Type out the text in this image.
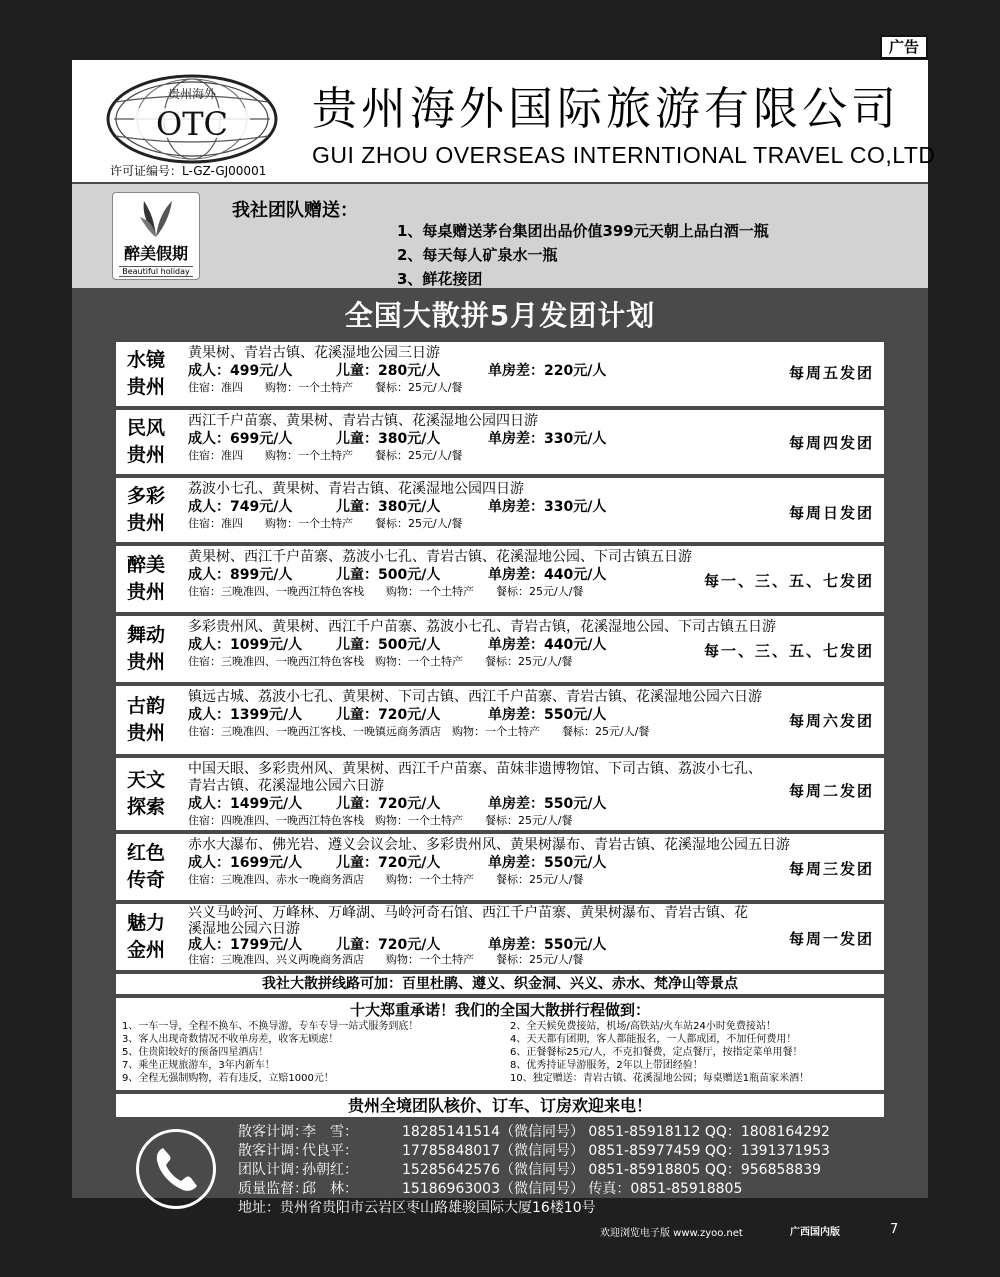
广告
OTC
贵州海外
许可证编号：L-GZ-GJ00001
贵州海外国际旅游有限公司
GUI ZHOU OVERSEAS INTERNTIONAL TRAVEL CO,LTD
醉美假期
Beautiful holiday
我社团队赠送：
1、每桌赠送茅台集团出品价值399元天朝上品白酒一瓶
2、每天每人矿泉水一瓶
3、鲜花接团
全国大散拼5月发团计划
水镜
贵州
黄果树、青岩古镇、花溪湿地公园三日游
成人：499元/人	儿童：280元/人	单房差：220元/人
住宿：准四　　购物：一个土特产　　餐标：25元/人/餐
每周五发团
民风
贵州
西江千户苗寨、黄果树、青岩古镇、花溪湿地公园四日游
成人：699元/人	儿童：380元/人	单房差：330元/人
住宿：准四　　购物：一个土特产　　餐标：25元/人/餐
每周四发团
多彩
贵州
荔波小七孔、黄果树、青岩古镇、花溪湿地公园四日游
成人：749元/人	儿童：380元/人	单房差：330元/人
住宿：准四　　购物：一个土特产　　餐标：25元/人/餐
每周日发团
醉美
贵州
黄果树、西江千户苗寨、荔波小七孔、青岩古镇、花溪湿地公园、下司古镇五日游
成人：899元/人	儿童：500元/人	单房差：440元/人
住宿：三晚准四、一晚西江特色客栈　　购物：一个土特产　　餐标：25元/人/餐
每一、三、五、七发团
舞动
贵州
多彩贵州风、黄果树、西江千户苗寨、荔波小七孔、青岩古镇，花溪湿地公园、下司古镇五日游
成人：1099元/人 儿童：500元/人	单房差：440元/人
住宿：三晚准四、一晚西江特色客栈　购物：一个土特产　　餐标：25元/人/餐
每一、三、五、七发团
古韵
贵州
镇远古城、荔波小七孔、黄果树、下司古镇、西江千户苗寨、青岩古镇、花溪湿地公园六日游
成人：1399元/人 儿童：720元/人	单房差：550元/人
住宿：三晚准四、一晚西江客栈、一晚镇远商务酒店　购物：一个土特产　　餐标：25元/人/餐
每周六发团
天文
探索
中国天眼、多彩贵州风、黄果树、西江千户苗寨、苗妹非遗博物馆、下司古镇、荔波小七孔、
青岩古镇、花溪湿地公园六日游
成人：1499元/人 儿童：720元/人	单房差：550元/人
住宿：四晚准四、一晚西江特色客栈　购物：一个土特产　　餐标：25元/人/餐
每周二发团
红色
传奇
赤水大瀑布、佛光岩、遵义会议会址、多彩贵州风、黄果树瀑布、青岩古镇、花溪湿地公园五日游
成人：1699元/人 儿童：720元/人	单房差：550元/人
住宿：三晚准四、赤水一晚商务酒店　　购物：一个土特产　　餐标：25元/人/餐
每周三发团
魅力
金州
兴义马岭河、万峰林、万峰湖、马岭河奇石馆、西江千户苗寨、黄果树瀑布、青岩古镇、花
溪湿地公园六日游
成人：1799元/人 儿童：720元/人	单房差：550元/人
住宿：三晚准四、兴义两晚商务酒店　　购物：一个土特产　　餐标：25元/人/餐
每周一发团
我社大散拼线路可加：百里杜鹃、遵义、织金洞、兴义、赤水、梵净山等景点
十大郑重承诺！我们的全国大散拼行程做到：
1、一车一导，全程不换车、不换导游，专车专导一站式服务到底！	2、全天候免费接站，机场/高铁站/火车站24小时免费接站！
3、客人出现奇数情况不收单房差，收客无顾虑！	4、天天都有团期，客人都能报名，一人都成团，不加任何费用！
5、住贵阳较好的预备四星酒店！	6、正餐餐标25元/人，不克扣餐费，定点餐厅，按指定菜单用餐！
7、乘坐正规旅游车，3年内新车！	8、优秀持证导游服务，2年以上带团经验！
9、全程无强制购物，若有违反，立赔1000元！	10、独定赠送：青岩古镇、花溪湿地公园；每桌赠送1瓶苗家米酒！
贵州全境团队核价、订车、订房欢迎来电！
散客计调：李　雪：	18285141514（微信同号） 0851-85918112 QQ：1808164292
散客计调：代良平：	17785848017（微信同号） 0851-85977459 QQ：1391371953
团队计调：孙朝红：	15285642576（微信同号） 0851-85918805 QQ：956858839
质量监督：邱　林：	15186963003（微信同号） 传真：0851-85918805
地址：贵州省贵阳市云岩区枣山路雄骏国际大厦16楼10号
欢迎浏览电子版 www.zyoo.net	广西国内版	7
